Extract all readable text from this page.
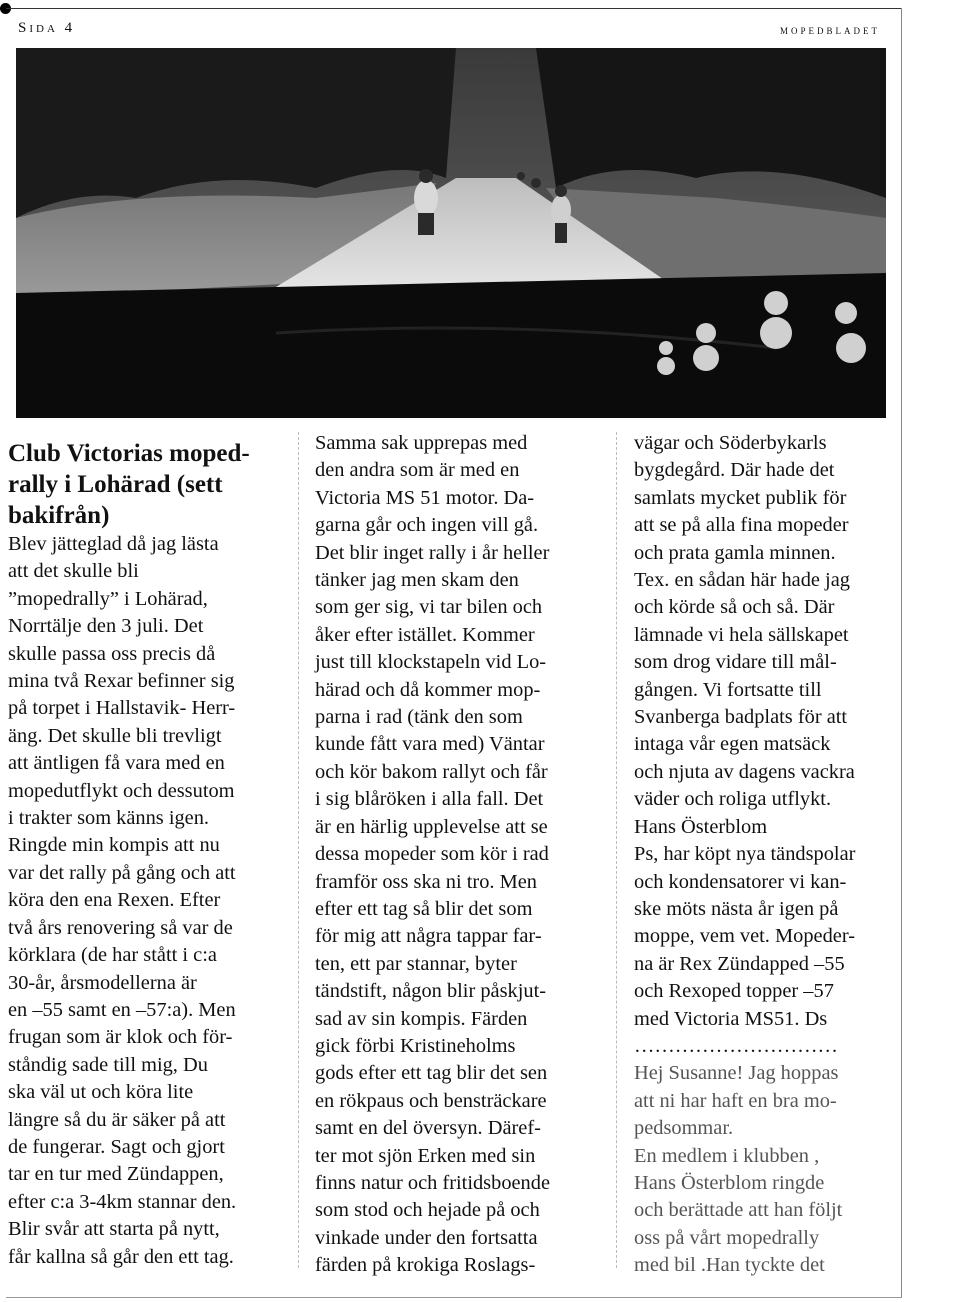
Sida 4	mopedbladet
Club Victorias moped-
rally i Lohärad (sett
bakifrån)

Blev jätteglad då jag lästa
att det skulle bli
”mopedrally” i Lohärad,
Norrtälje den 3 juli. Det
skulle passa oss precis då
mina två Rexar befinner sig
på torpet i Hallstavik- Herr-
äng. Det skulle bli trevligt
att äntligen få vara med en
mopedutflykt och dessutom
i trakter som känns igen.
Ringde min kompis att nu
var det rally på gång och att
köra den ena Rexen. Efter
två års renovering så var de
körklara (de har stått i c:a
30-år, årsmodellerna är
en –55 samt en –57:a). Men
frugan som är klok och för-
ståndig sade till mig, Du
ska väl ut och köra lite
längre så du är säker på att
de fungerar. Sagt och gjort
tar en tur med Zündappen,
efter c:a 3-4km stannar den.
Blir svår att starta på nytt,
får kallna så går den ett tag.

Samma sak upprepas med
den andra som är med en
Victoria MS 51 motor. Da-
garna går och ingen vill gå.
Det blir inget rally i år heller
tänker jag men skam den
som ger sig, vi tar bilen och
åker efter istället. Kommer
just till klockstapeln vid Lo-
härad och då kommer mop-
parna i rad (tänk den som
kunde fått vara med) Väntar
och kör bakom rallyt och får
i sig blåröken i alla fall. Det
är en härlig upplevelse att se
dessa mopeder som kör i rad
framför oss ska ni tro. Men
efter ett tag så blir det som
för mig att några tappar far-
ten, ett par stannar, byter
tändstift, någon blir påskjut-
sad av sin kompis. Färden
gick förbi Kristineholms
gods efter ett tag blir det sen
en rökpaus och bensträckare
samt en del översyn. Däref-
ter mot sjön Erken med sin
finns natur och fritidsboende
som stod och hejade på och
vinkade under den fortsatta
färden på krokiga Roslags-

vägar och Söderbykarls
bygdegård. Där hade det
samlats mycket publik för
att se på alla fina mopeder
och prata gamla minnen.
Tex. en sådan här hade jag
och körde så och så. Där
lämnade vi hela sällskapet
som drog vidare till mål-
gången. Vi fortsatte till
Svanberga badplats för att
intaga vår egen matsäck
och njuta av dagens vackra
väder och roliga utflykt.
Hans Österblom
Ps, har köpt nya tändspolar
och kondensatorer vi kan-
ske möts nästa år igen på
moppe, vem vet. Mopeder-
na är Rex Zündapped –55
och Rexoped topper –57
med Victoria MS51. Ds
…………………………

Hej Susanne! Jag hoppas
att ni har haft en bra mo-
pedsommar.
En medlem i klubben ,
Hans Österblom ringde
och berättade att han följt
oss på vårt mopedrally
med bil .Han tyckte det
